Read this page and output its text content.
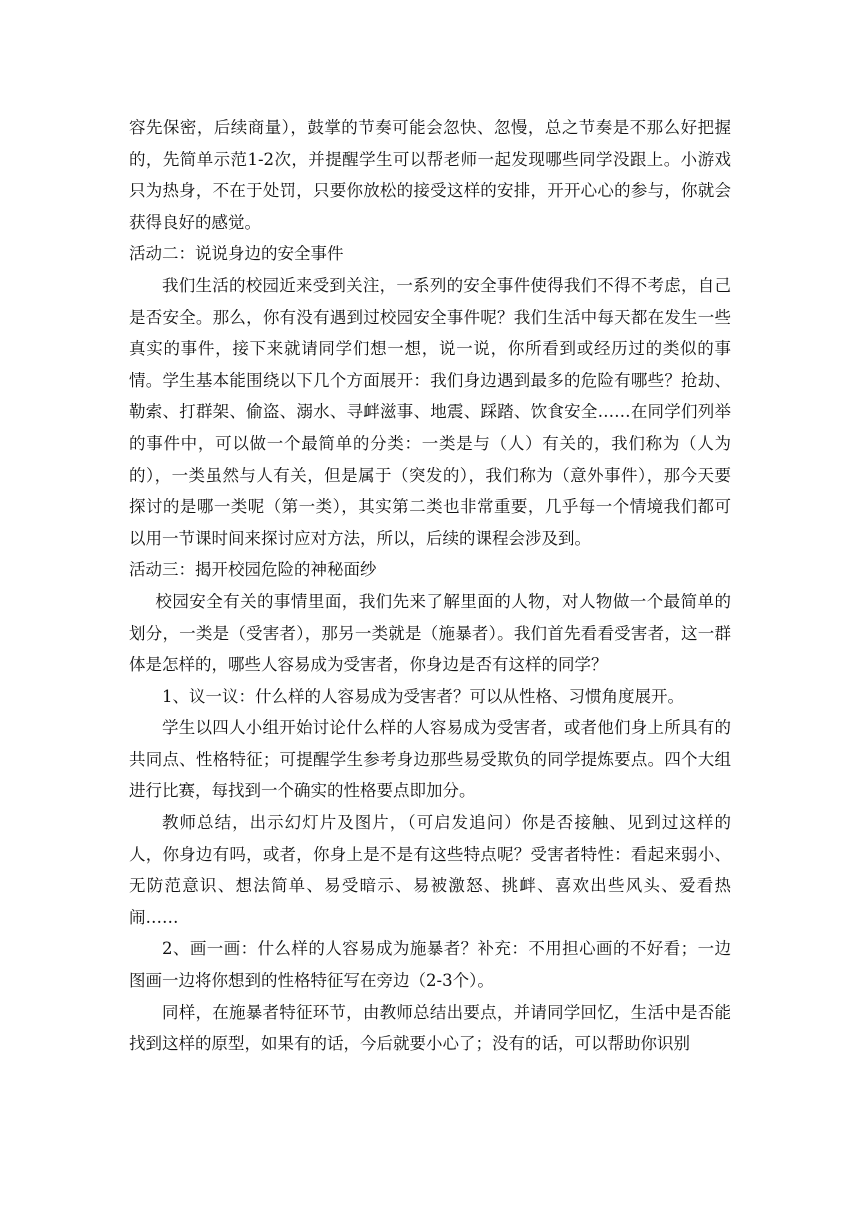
容先保密，后续商量），鼓掌的节奏可能会忽快、忽慢，总之节奏是不那么好把握的，先简单示范1-2次，并提醒学生可以帮老师一起发现哪些同学没跟上。小游戏只为热身，不在于处罚，只要你放松的接受这样的安排，开开心心的参与，你就会获得良好的感觉。

活动二：说说身边的安全事件

我们生活的校园近来受到关注，一系列的安全事件使得我们不得不考虑，自己是否安全。那么，你有没有遇到过校园安全事件呢？我们生活中每天都在发生一些真实的事件，接下来就请同学们想一想，说一说，你所看到或经历过的类似的事情。学生基本能围绕以下几个方面展开：我们身边遇到最多的危险有哪些？抢劫、勒索、打群架、偷盗、溺水、寻衅滋事、地震、踩踏、饮食安全……在同学们列举的事件中，可以做一个最简单的分类：一类是与（人）有关的，我们称为（人为的），一类虽然与人有关，但是属于（突发的），我们称为（意外事件），那今天要探讨的是哪一类呢（第一类），其实第二类也非常重要，几乎每一个情境我们都可以用一节课时间来探讨应对方法，所以，后续的课程会涉及到。

活动三：揭开校园危险的神秘面纱

校园安全有关的事情里面，我们先来了解里面的人物，对人物做一个最简单的划分，一类是（受害者），那另一类就是（施暴者）。我们首先看看受害者，这一群体是怎样的，哪些人容易成为受害者，你身边是否有这样的同学？

1、议一议：什么样的人容易成为受害者？可以从性格、习惯角度展开。

学生以四人小组开始讨论什么样的人容易成为受害者，或者他们身上所具有的共同点、性格特征；可提醒学生参考身边那些易受欺负的同学提炼要点。四个大组进行比赛，每找到一个确实的性格要点即加分。

教师总结，出示幻灯片及图片，（可启发追问）你是否接触、见到过这样的人，你身边有吗，或者，你身上是不是有这些特点呢？受害者特性：看起来弱小、无防范意识、想法简单、易受暗示、易被激怒、挑衅、喜欢出些风头、爱看热闹……

2、画一画：什么样的人容易成为施暴者？补充：不用担心画的不好看；一边图画一边将你想到的性格特征写在旁边（2-3个）。

同样，在施暴者特征环节，由教师总结出要点，并请同学回忆，生活中是否能找到这样的原型，如果有的话，今后就要小心了；没有的话，可以帮助你识别
